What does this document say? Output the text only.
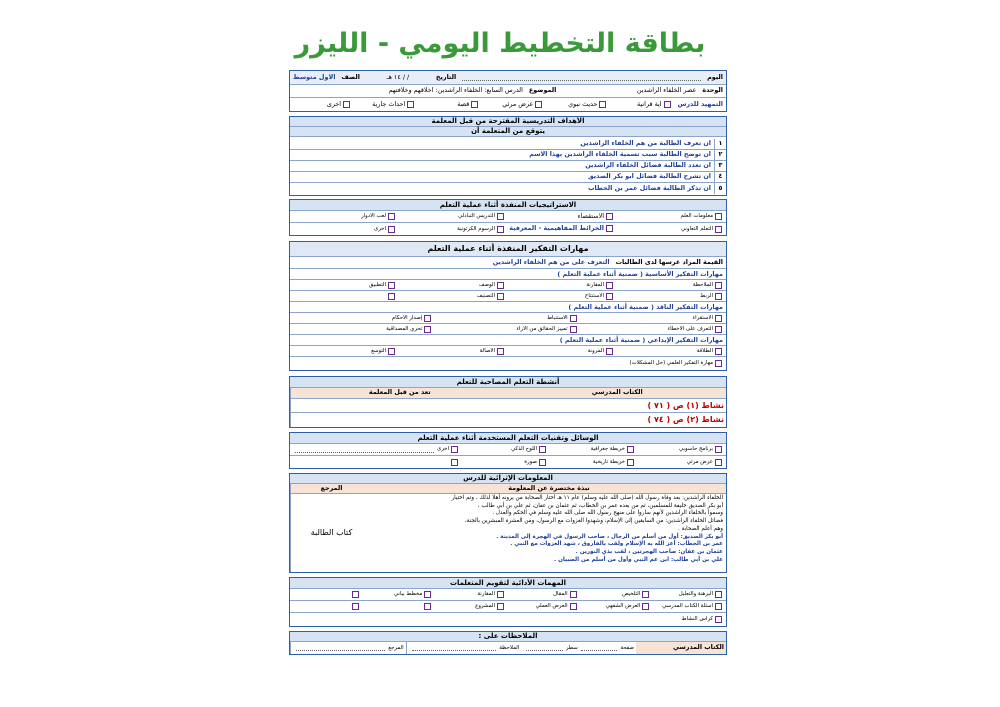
بطاقة التخطيط اليومي - الليزر
اليوم
التاريخ
/ / ١٤ هـ
الصف
الاول متوسط
الوحدة
عصر الخلفاء الراشدين
الموضوع
الدرس السابع: الخلفاء الراشدين: اخلاقهم وخلافتهم
التمهيد للدرس
آية قرآنية
حديث نبوي
عرض مرئي
قصة
أحداث جارية
أخرى
الأهداف التدريسية المقترحة من قبل المعلمة
يتوقع من المتعلمة أن
١
أن تعرف الطالبة من هم الخلفاء الراشدين
٢
أن توضح الطالبة سبب تسمية الخلفاء الراشدين بهذا الاسم
٣
أن تعدد الطالبة فضائل الخلفاء الراشدين
٤
أن تشرح الطالبة فضائل أبو بكر الصديق
٥
أن تذكر الطالبة فضائل عمر بن الخطاب
الاستراتيجيات المنفذة أثناء عملية التعلم
معلومات العلم
الاستقصاء
التدريس التبادلي
لعب الأدوار
التعلم التعاوني
الخرائط المفاهيمية - المعرفية
الرسوم الكرتونية
أخرى
مهارات التفكير المنفذة أثناء عملية التعلم
القيمة المراد غرسها لدى الطالبات
التعرف على من هم الخلفاء الراشدين
مهارات التفكير الأساسية ( ضمنية أثناء عملية التعلم )
الملاحظة
المقارنة
الوصف
التطبيق
الربط
الاستنتاج
التصنيف
مهارات التفكير الناقد ( ضمنية أثناء عملية التعلم )
الاستقراء
الاستنباط
إصدار الأحكام
التعرف على الأخطاء
تمييز الحقائق من الآراء
تحري المصداقية
مهارات التفكير الإبداعي ( ضمنية أثناء عملية التعلم )
الطلاقة
المرونة
الأصالة
التوسع
مهارة التفكير العلمي (حل المشكلات)
أنشطة التعلم المصاحبة للتعلم
الكتاب المدرسي
تعد من قبل المعلمة
نشاط (١) ص ( ٧١ )
نشاط (٢) ص ( ٧٤ )
الوسائل وتقنيات التعلم المستخدمة أثناء عملية التعلم
برنامج حاسوبي
خريطة جغرافية
اللوح الذكي
أخرى
عرض مرئي
خريطة تاريخية
صورة
المعلومات الإثرائية للدرس
نبذة مختصرة عن المعلومة
المرجع
الخلفاء الراشدين: بعد وفاة رسول الله (صلى الله عليه وسلم) عام ١١ هـ اختار الصحابة من يرونه أهلا لذلك ، وتم اختيار
أبو بكر الصديق خليفة للمسلمين، ثم من بعده عمر بن الخطاب، ثم عثمان بن عفان، ثم علي بن أبي طالب ،
وسموا بالخلفاء الراشدين لأنهم ساروا على منهج رسول الله صلى الله عليه وسلم في الحكم والعدل .
فضائل الخلفاء الراشدين: من السابقين إلى الإسلام، وشهدوا الغزوات مع الرسول، ومن العشرة المبشرين بالجنة،
وهم أعلم الصحابة .
أبو بكر الصديق: أول من أسلم من الرجال ، صاحب الرسول في الهجرة إلى المدينة .
عمر بن الخطاب: أعز الله به الإسلام ولقب بالفاروق ، شهد الغزوات مع النبي .
عثمان بن عفان: صاحب الهجرتين ، لقب بذي النورين .
علي بن أبي طالب: ابن عم النبي وأول من أسلم من الصبيان .
كتاب الطالبة
المهمات الأدائية لتقويم المتعلمات
البرهنة والتعليل
التلخيص
المقال
المقارنة
مخطط بياني
أسئلة الكتاب المدرسي
العرض الشفهي
العرض العملي
المشروع
كراس النشاط
الملاحظات على :
الكتاب المدرسي
صفحة
سطر
الملاحظة
المرجع
